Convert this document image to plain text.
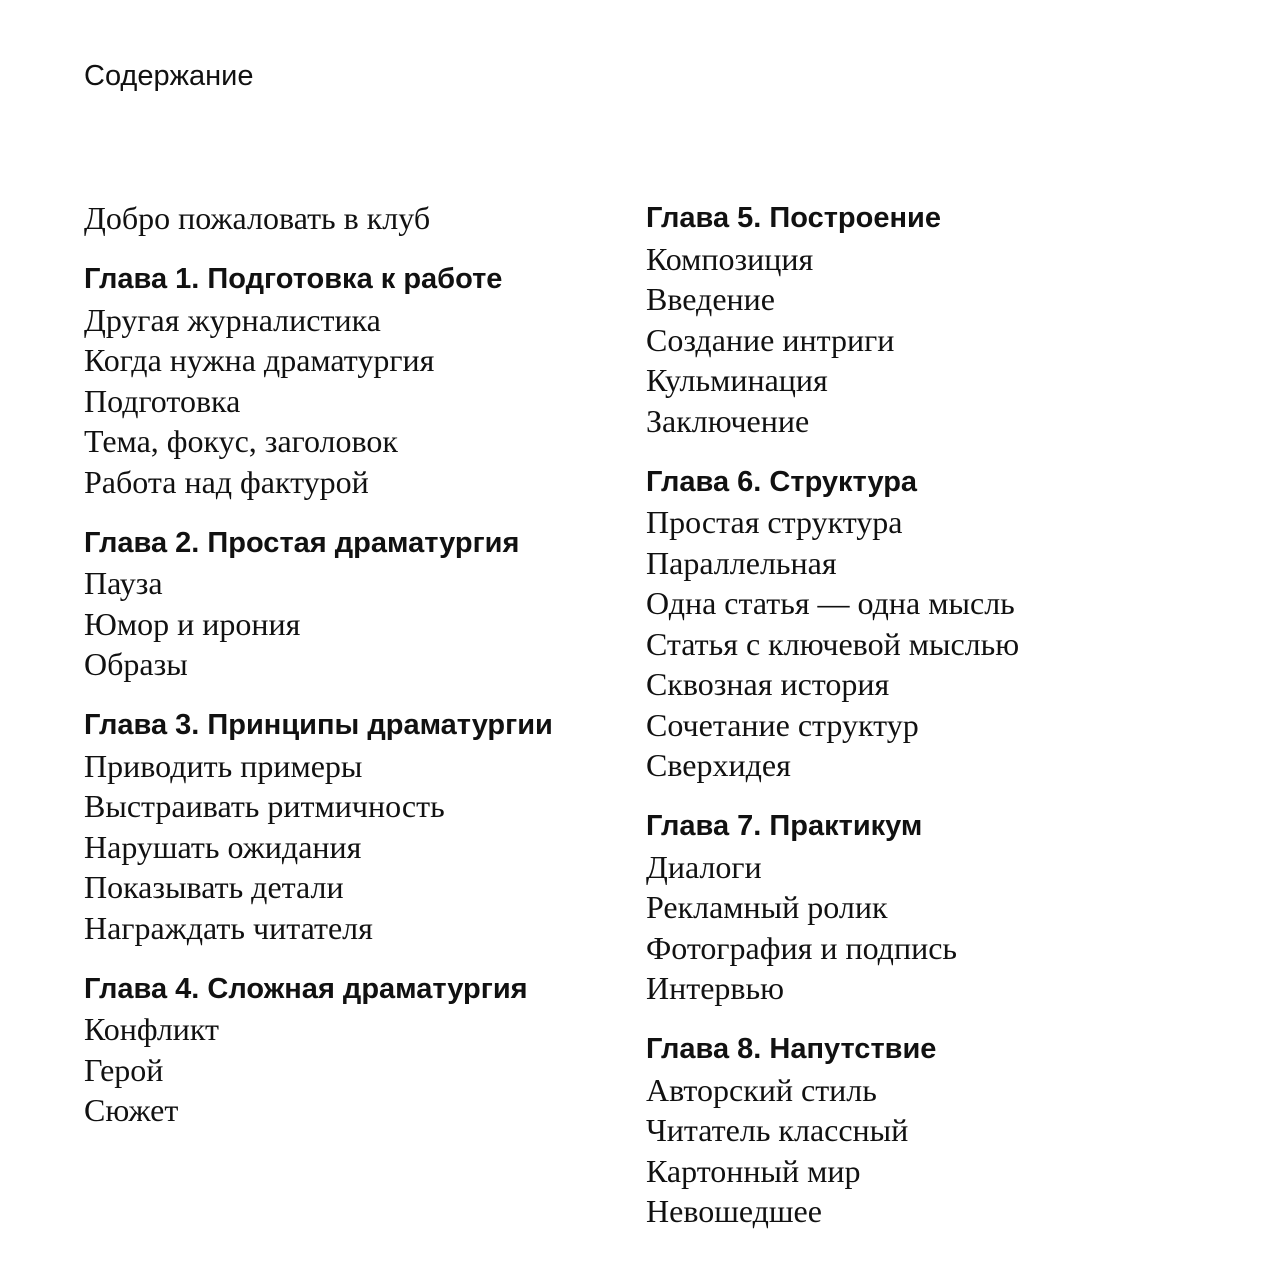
Содержание

Добро пожаловать в клуб

Глава 1. Подготовка к работе
Другая журналистика
Когда нужна драматургия
Подготовка
Тема, фокус, заголовок
Работа над фактурой
Глава 2. Простая драматургия
Пауза
Юмор и ирония
Образы
Глава 3. Принципы драматургии
Приводить примеры
Выстраивать ритмичность
Нарушать ожидания
Показывать детали
Награждать читателя
Глава 4. Сложная драматургия
Конфликт
Герой
Сюжет
Глава 5. Построение
Композиция
Введение
Создание интриги
Кульминация
Заключение
Глава 6. Структура
Простая структура
Параллельная
Одна статья — одна мысль
Статья с ключевой мыслью
Сквозная история
Сочетание структур
Сверхидея
Глава 7. Практикум
Диалоги
Рекламный ролик
Фотография и подпись
Интервью
Глава 8. Напутствие
Авторский стиль
Читатель классный
Картонный мир
Невошедшее
